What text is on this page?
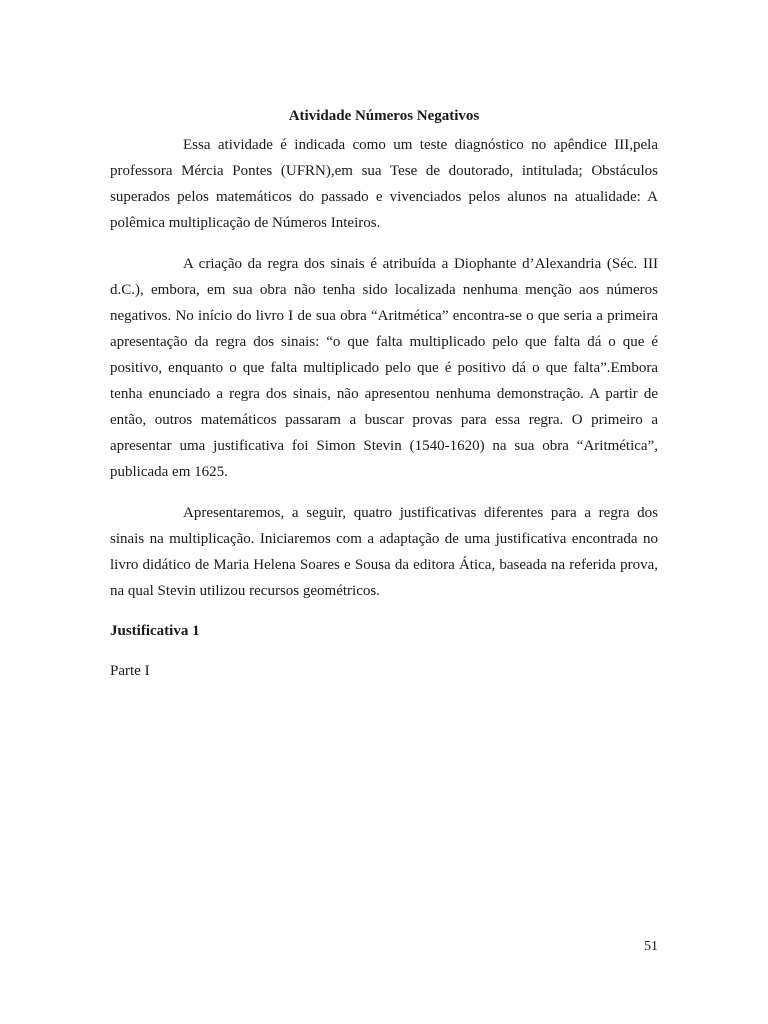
Atividade Números Negativos

Essa atividade é indicada como um teste diagnóstico no apêndice III,pela professora Mércia Pontes (UFRN),em sua Tese de doutorado, intitulada; Obstáculos superados pelos matemáticos do passado e vivenciados pelos alunos na atualidade: A polêmica multiplicação de Números Inteiros.

A criação da regra dos sinais é atribuída a Diophante d’Alexandria (Séc. III d.C.), embora, em sua obra não tenha sido localizada nenhuma menção aos números negativos. No início do livro I de sua obra “Aritmética” encontra-se o que seria a primeira apresentação da regra dos sinais: “o que falta multiplicado pelo que falta dá o que é positivo, enquanto o que falta multiplicado pelo que é positivo dá o que falta”.Embora tenha enunciado a regra dos sinais, não apresentou nenhuma demonstração. A partir de então, outros matemáticos passaram a buscar provas para essa regra. O primeiro a apresentar uma justificativa foi Simon Stevin (1540-1620) na sua obra “Aritmética”, publicada em 1625.

Apresentaremos, a seguir, quatro justificativas diferentes para a regra dos sinais na multiplicação. Iniciaremos com a adaptação de uma justificativa encontrada no livro didático de Maria Helena Soares e Sousa da editora Ática, baseada na referida prova, na qual Stevin utilizou recursos geométricos.

Justificativa 1
Parte I
51
